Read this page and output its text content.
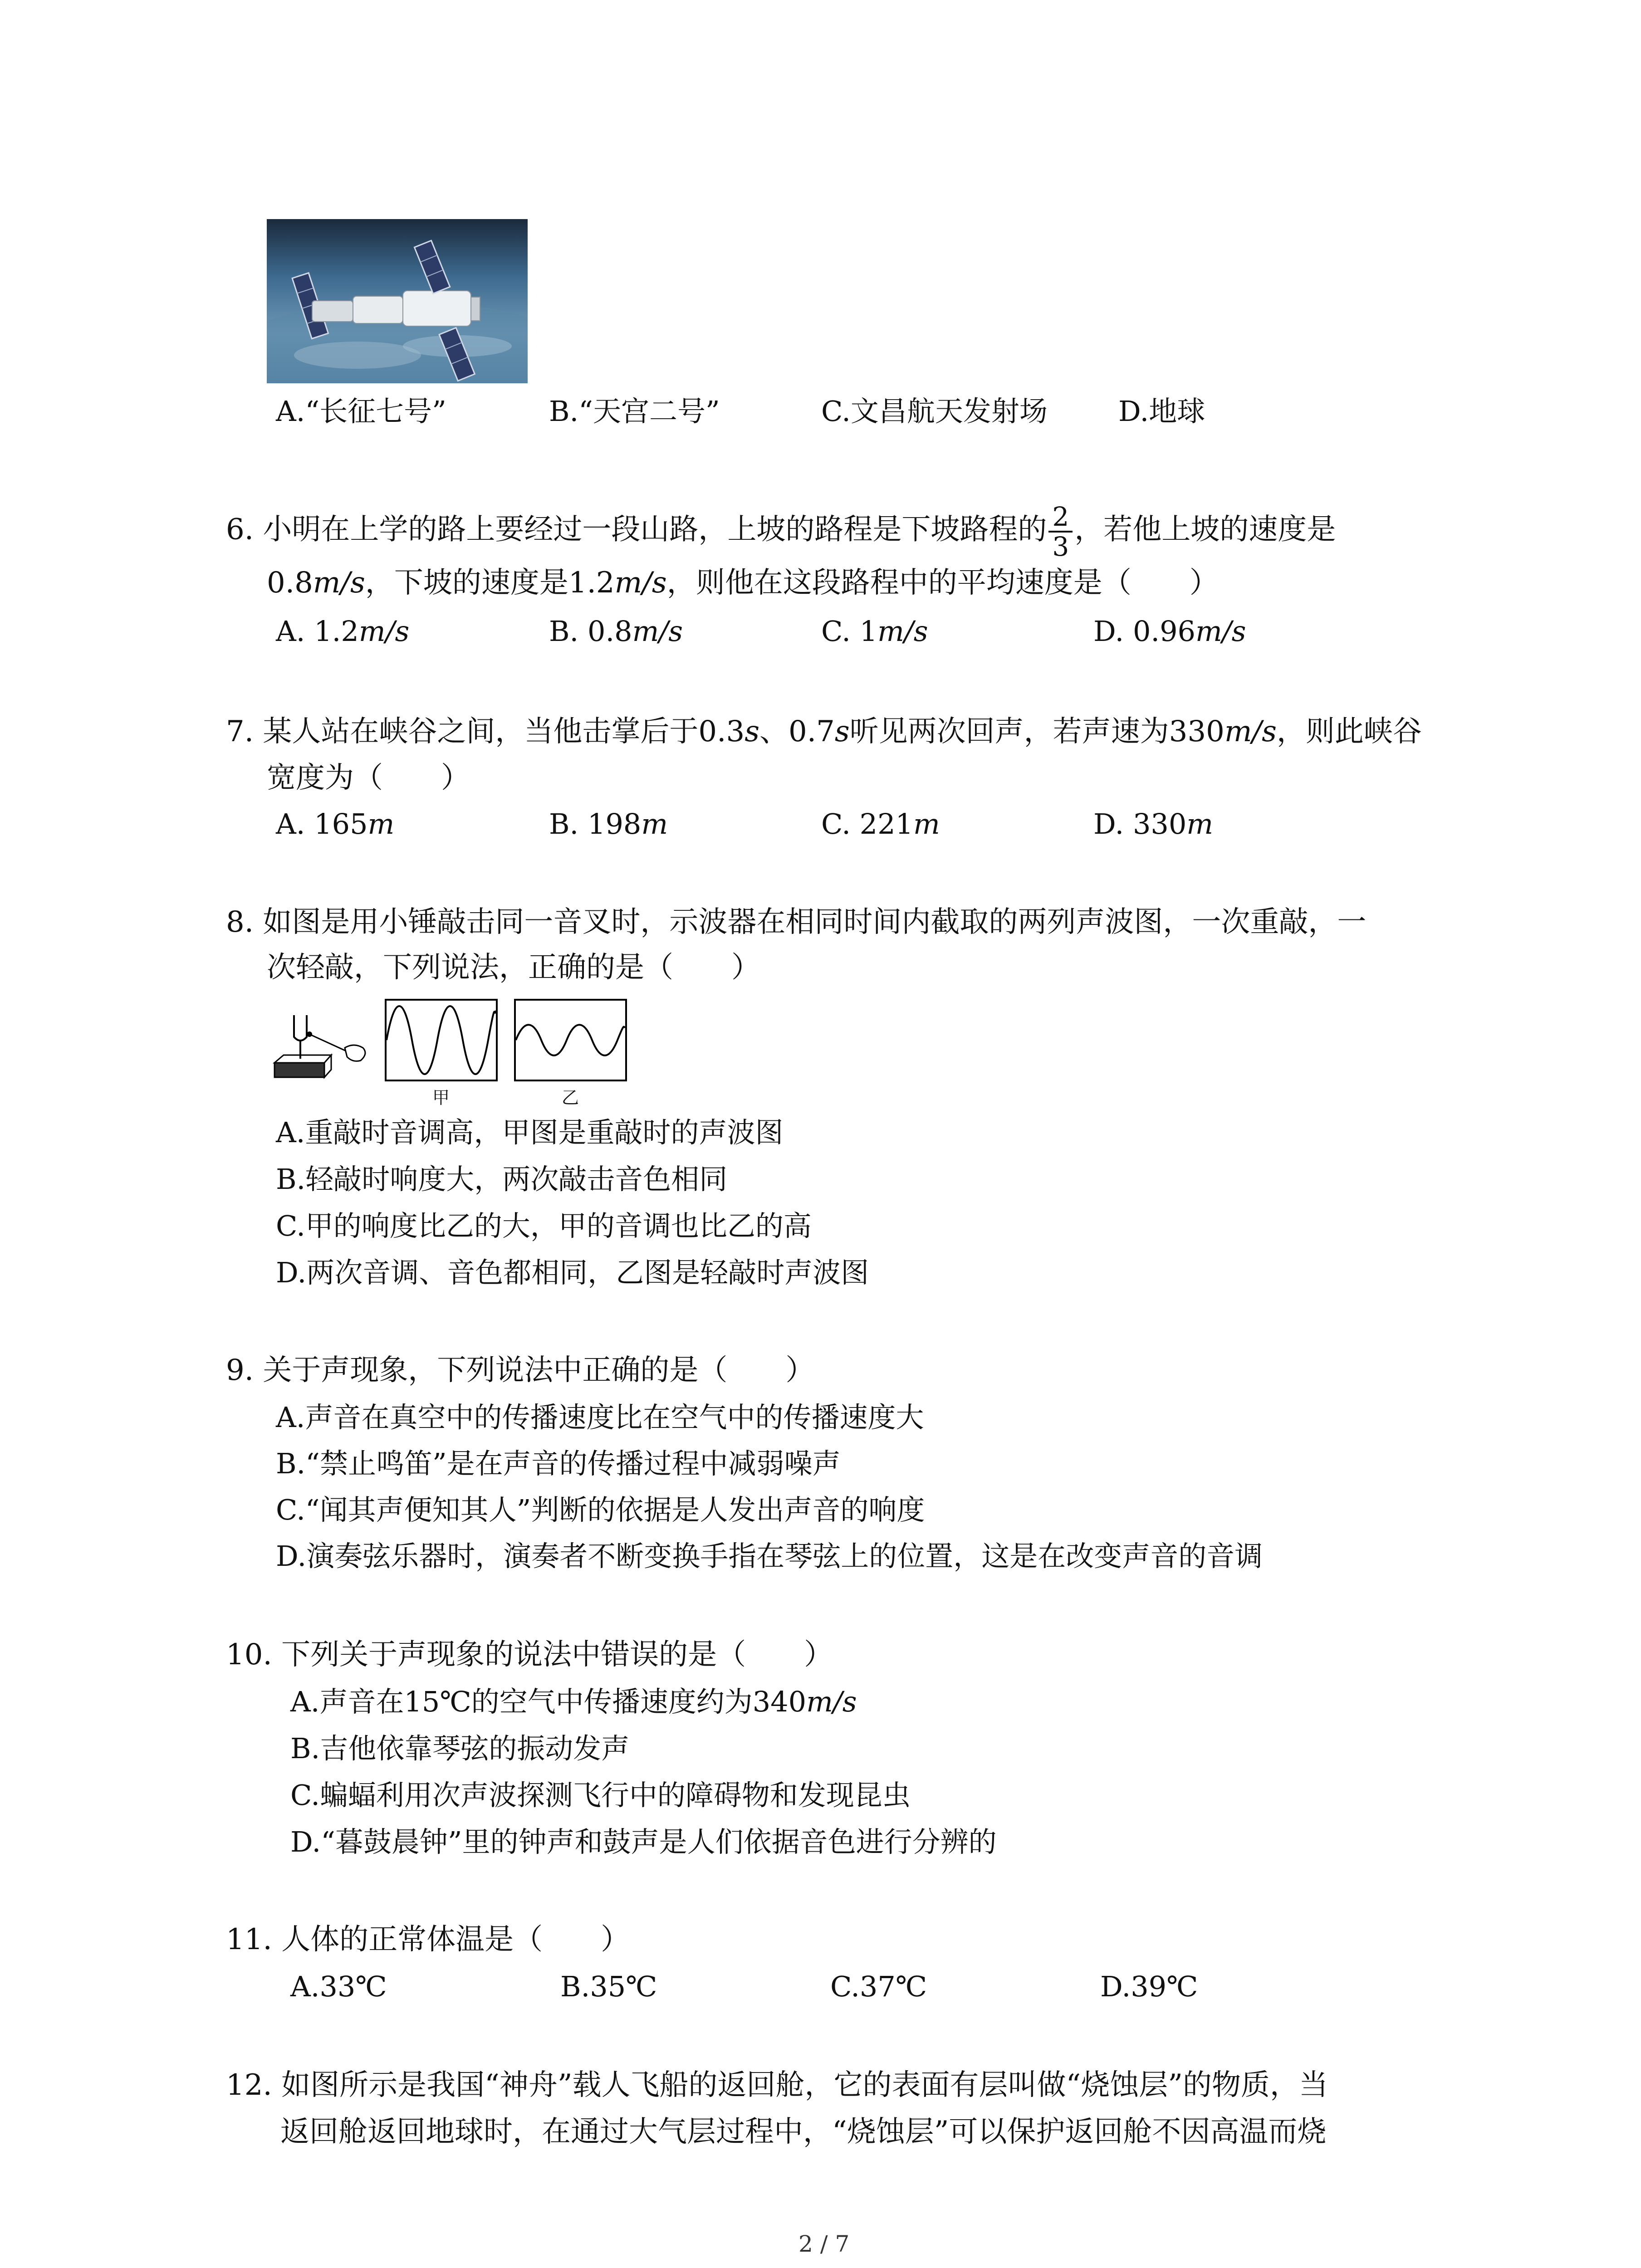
A.“长征七号”	B.“天宫二号”	C.文昌航天发射场	D.地球
6. 小明在上学的路上要经过一段山路，上坡的路程是下坡路程的 $\frac{2}{3}$ ，若他上坡的速度是
0.8m/s，下坡的速度是1.2m/s，则他在这段路程中的平均速度是（　　）
A. 1.2m/s	B. 0.8m/s	C. 1m/s	D. 0.96m/s
7. 某人站在峡谷之间，当他击掌后于0.3s、0.7s听见两次回声，若声速为330m/s，则此峡谷
宽度为（　　）
A. 165m	B. 198m	C. 221m	D. 330m
8. 如图是用小锤敲击同一音叉时，示波器在相同时间内截取的两列声波图，一次重敲，一
次轻敲，下列说法，正确的是（　　）
甲	乙
A.重敲时音调高，甲图是重敲时的声波图
B.轻敲时响度大，两次敲击音色相同
C.甲的响度比乙的大，甲的音调也比乙的高
D.两次音调、音色都相同，乙图是轻敲时声波图
9. 关于声现象，下列说法中正确的是（　　）
A.声音在真空中的传播速度比在空气中的传播速度大
B.“禁止鸣笛”是在声音的传播过程中减弱噪声
C.“闻其声便知其人”判断的依据是人发出声音的响度
D.演奏弦乐器时，演奏者不断变换手指在琴弦上的位置，这是在改变声音的音调
10. 下列关于声现象的说法中错误的是（　　）
A.声音在15℃的空气中传播速度约为340m/s
B.吉他依靠琴弦的振动发声
C.蝙蝠利用次声波探测飞行中的障碍物和发现昆虫
D.“暮鼓晨钟”里的钟声和鼓声是人们依据音色进行分辨的
11. 人体的正常体温是（　　）
A.33℃	B.35℃	C.37℃	D.39℃
12. 如图所示是我国“神舟”载人飞船的返回舱，它的表面有层叫做“烧蚀层”的物质，当
返回舱返回地球时，在通过大气层过程中，“烧蚀层”可以保护返回舱不因高温而烧
2 / 7
